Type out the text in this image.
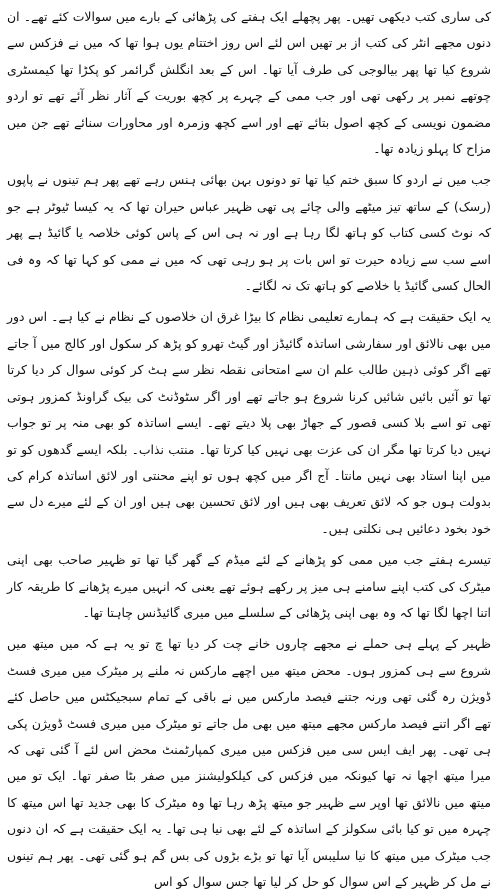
کی ساری کتب دیکھی تھیں۔ پھر پچھلے ایک ہفتے کی پڑھائی کے بارے میں سوالات کئے تھے۔ ان دنوں مجھے انٹر کی کتب از بر تھیں اس لئے اس روز اختتام یوں ہوا تھا کہ میں نے فزکس سے شروع کیا تھا پھر بیالوجی کی طرف آیا تھا۔ اس کے بعد انگلش گرائمر کو پکڑا تھا کیمسٹری چوتھے نمبر پر رکھی تھی اور جب ممی کے چہرے پر کچھ بوریت کے آثار نظر آئے تھے تو اردو مضمون نویسی کے کچھ اصول بتائے تھے اور اسے کچھ وزمرہ اور محاورات سنائے تھے جن میں مزاح کا پہلو زیادہ تھا۔

جب میں نے اردو کا سبق ختم کیا تھا تو دونوں بہن بھائی ہنس رہے تھے پھر ہم تینوں نے پاپوں (رسک) کے ساتھ تیز میٹھے والی چائے پی تھی ظہیر عباس حیران تھا کہ یہ کیسا ٹیوٹر ہے جو کہ نوٹ کسی کتاب کو ہاتھ لگا رہا ہے اور نہ ہی اس کے پاس کوئی خلاصہ یا گائیڈ ہے پھر اسے سب سے زیادہ حیرت تو اس بات پر ہو رہی تھی کہ میں نے ممی کو کہا تھا کہ وہ فی الحال کسی گائیڈ یا خلاصے کو ہاتھ تک نہ لگائے۔

یہ ایک حقیقت ہے کہ ہمارے تعلیمی نظام کا بیڑا غرق ان خلاصوں کے نظام نے کیا ہے۔ اس دور میں بھی نالائق اور سفارشی اساتذہ گائیڈز اور گیٹ تھرو کو پڑھ کر سکول اور کالج میں آ جاتے تھے اگر کوئی ذہین طالب علم ان سے امتحانی نقطہ نظر سے ہٹ کر کوئی سوال کر دیا کرتا تھا تو آئیں بائیں شائیں کرنا شروع ہو جاتے تھے اور اگر سٹوڈنٹ کی بیک گراونڈ کمزور ہوتی تھی تو اسے بلا کسی قصور کے جھاڑ بھی پلا دیتے تھے۔ ایسے اساتذہ کو بھی منہ پر تو جواب نہیں دیا کرتا تھا مگر ان کی عزت بھی نہیں کیا کرتا تھا۔ منتب نذاب۔ بلکہ ایسے گدھوں کو تو میں اپنا استاد بھی نہیں مانتا۔ آج اگر میں کچھ ہوں تو اپنے محنتی اور لائق اساتذہ کرام کی بدولت ہوں جو کہ لائق تعریف بھی ہیں اور لائق تحسین بھی ہیں اور ان کے لئے میرے دل سے خود بخود دعائیں ہی نکلتی ہیں۔

تیسرے ہفتے جب میں ممی کو پڑھانے کے لئے میڈم کے گھر گیا تھا تو ظہیر صاحب بھی اپنی میٹرک کی کتب اپنے سامنے ہی میز پر رکھے ہوئے تھے یعنی کہ انہیں میرے پڑھانے کا طریقہ کار اتنا اچھا لگا تھا کہ وہ بھی اپنی پڑھائی کے سلسلے میں میری گائیڈنس چاہتا تھا۔

ظہیر کے پہلے ہی حملے نے مجھے چاروں خانے چت کر دیا تھا چ تو یہ ہے کہ میں میتھ میں شروع سے ہی کمزور ہوں۔ محض میتھ میں اچھے مارکس نہ ملنے پر میٹرک میں میری فسٹ ڈویژن رہ گئی تھی ورنہ جتنے فیصد مارکس میں نے باقی کے تمام سبجیکٹس میں حاصل کئے تھے اگر اتنے فیصد مارکس مجھے میتھ میں بھی مل جاتے تو میٹرک میں میری فسٹ ڈویژن پکی ہی تھی۔ پھر ایف ایس سی میں فزکس میں میری کمپارٹمنٹ محض اس لئے آ گئی تھی کہ میرا میتھ اچھا نہ تھا کیونکہ میں فزکس کی کیلکولیشنز میں صفر بٹا صفر تھا۔ ایک تو میں میتھ میں نالائق تھا اوپر سے ظہیر جو میتھ پڑھ رہا تھا وہ میٹرک کا بھی جدید تھا اس میتھ کا چہرہ میں تو کیا بائی سکولز کے اساتذہ کے لئے بھی نیا ہی تھا۔ یہ ایک حقیقت ہے کہ ان دنوں جب میٹرک میں میتھ کا نیا سلیبس آیا تھا تو بڑے بڑوں کی بس گم ہو گئی تھی۔ پھر ہم تینوں نے مل کر ظہیر کے اس سوال کو حل کر لیا تھا جس سوال کو اس
